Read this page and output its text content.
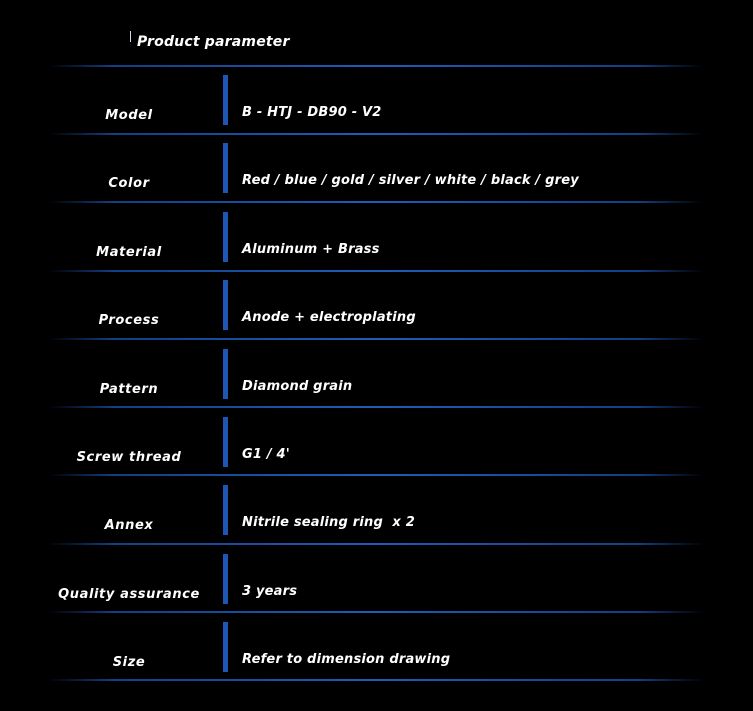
Product parameter
Model	B - HTJ - DB90 - V2
Color	Red / blue / gold / silver / white / black / grey
Material	Aluminum + Brass
Process	Anode + electroplating
Pattern	Diamond grain
Screw thread	G1 / 4'
Annex	Nitrile sealing ring  x 2
Quality assurance	3 years
Size	Refer to dimension drawing
